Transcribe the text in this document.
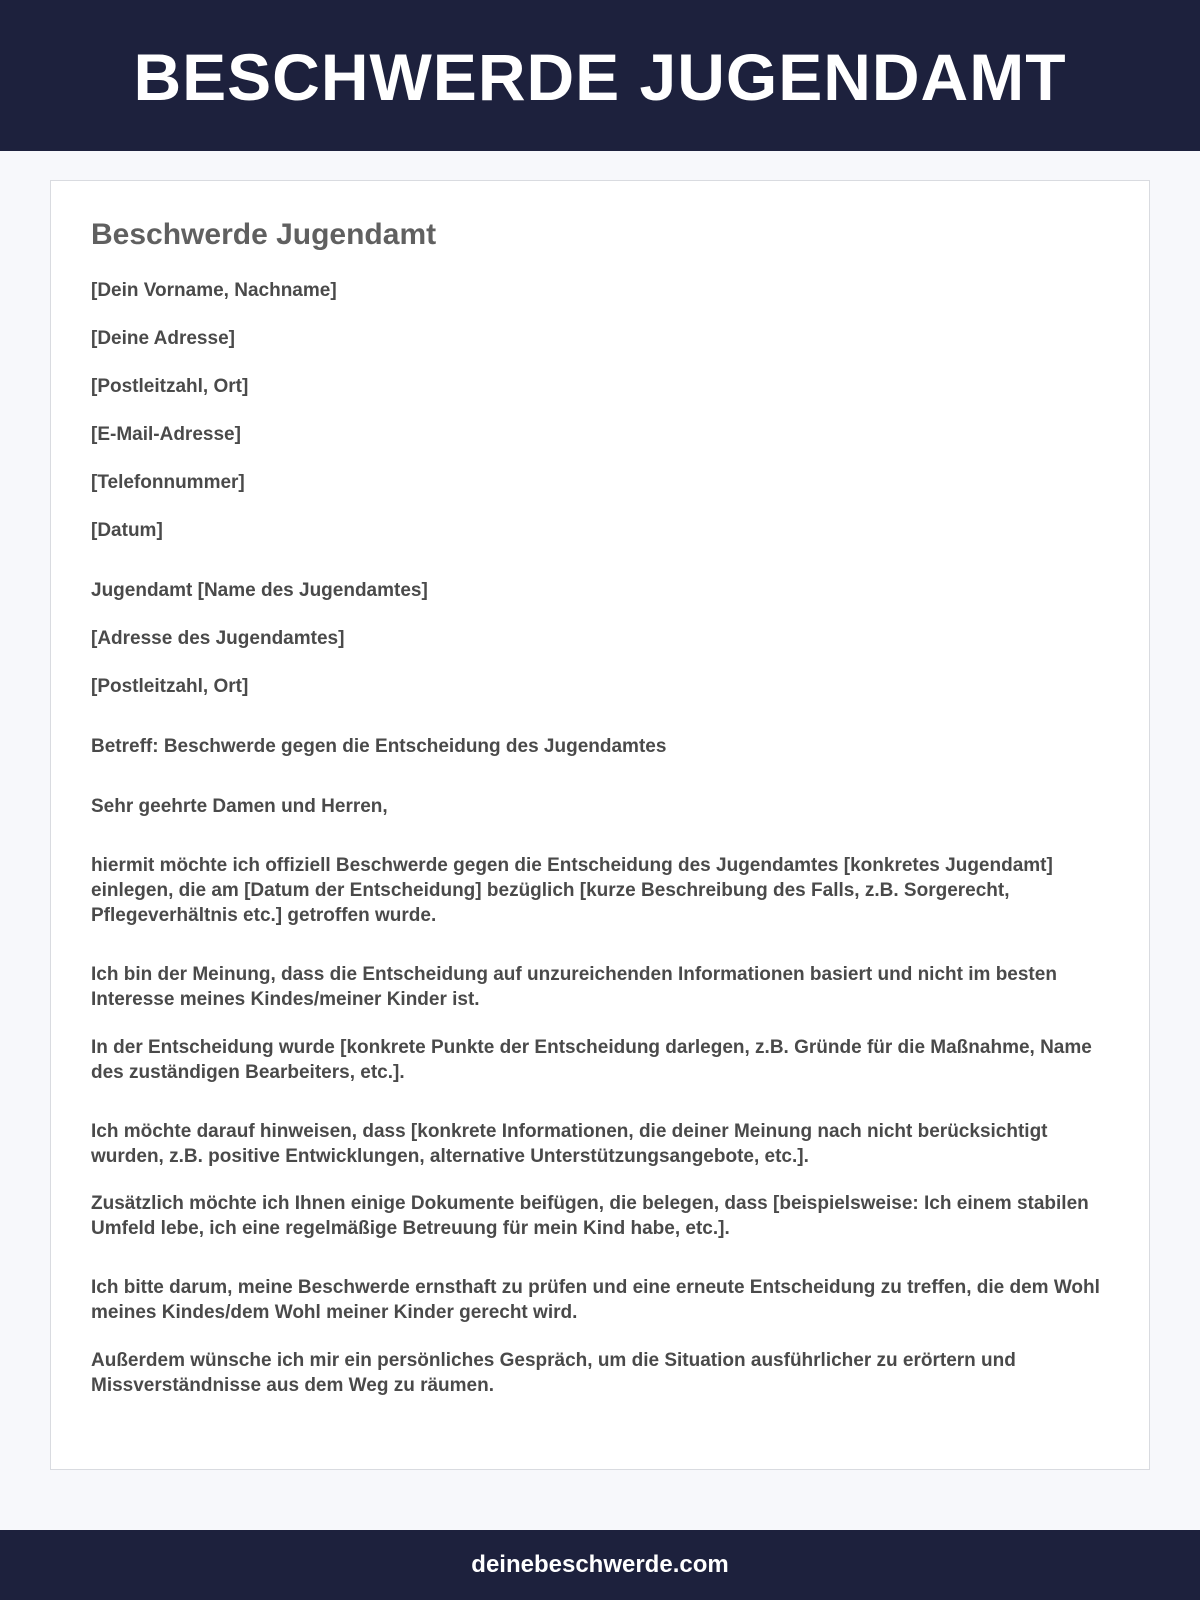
BESCHWERDE JUGENDAMT
Beschwerde Jugendamt
[Dein Vorname, Nachname]
[Deine Adresse]
[Postleitzahl, Ort]
[E-Mail-Adresse]
[Telefonnummer]
[Datum]
Jugendamt [Name des Jugendamtes]
[Adresse des Jugendamtes]
[Postleitzahl, Ort]
Betreff: Beschwerde gegen die Entscheidung des Jugendamtes
Sehr geehrte Damen und Herren,
hiermit möchte ich offiziell Beschwerde gegen die Entscheidung des Jugendamtes [konkretes Jugendamt] einlegen, die am [Datum der Entscheidung] bezüglich [kurze Beschreibung des Falls, z.B. Sorgerecht, Pflegeverhältnis etc.] getroffen wurde.
Ich bin der Meinung, dass die Entscheidung auf unzureichenden Informationen basiert und nicht im besten Interesse meines Kindes/meiner Kinder ist.
In der Entscheidung wurde [konkrete Punkte der Entscheidung darlegen, z.B. Gründe für die Maßnahme, Name des zuständigen Bearbeiters, etc.].
Ich möchte darauf hinweisen, dass [konkrete Informationen, die deiner Meinung nach nicht berücksichtigt wurden, z.B. positive Entwicklungen, alternative Unterstützungsangebote, etc.].
Zusätzlich möchte ich Ihnen einige Dokumente beifügen, die belegen, dass [beispielsweise: Ich einem stabilen Umfeld lebe, ich eine regelmäßige Betreuung für mein Kind habe, etc.].
Ich bitte darum, meine Beschwerde ernsthaft zu prüfen und eine erneute Entscheidung zu treffen, die dem Wohl meines Kindes/dem Wohl meiner Kinder gerecht wird.
Außerdem wünsche ich mir ein persönliches Gespräch, um die Situation ausführlicher zu erörtern und Missverständnisse aus dem Weg zu räumen.
deinebeschwerde.com
